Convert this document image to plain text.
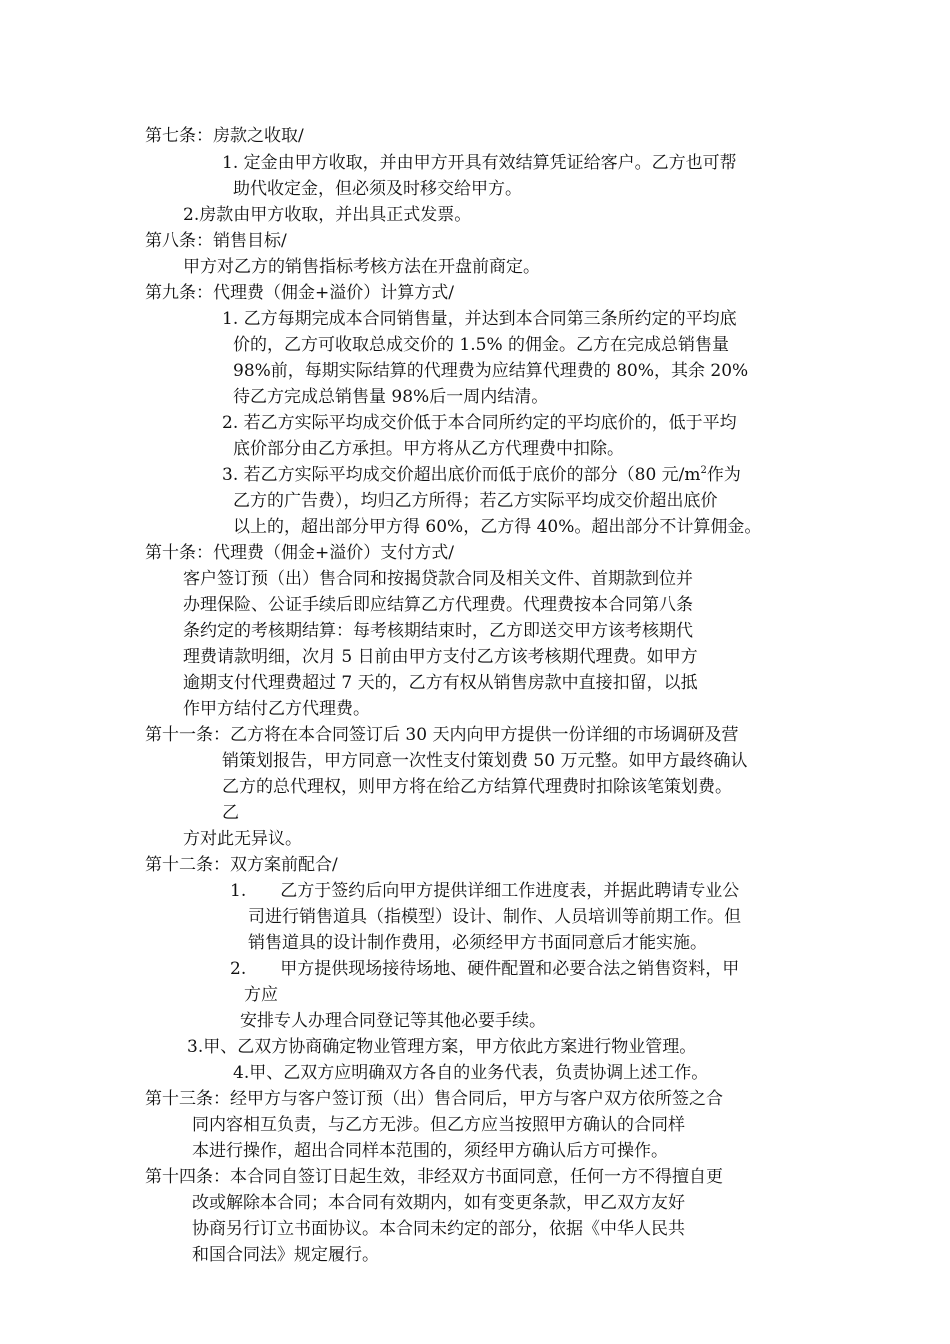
第七条：房款之收取/
1. 定金由甲方收取，并由甲方开具有效结算凭证给客户。乙方也可帮
助代收定金，但必须及时移交给甲方。
2.房款由甲方收取，并出具正式发票。
第八条：销售目标/
甲方对乙方的销售指标考核方法在开盘前商定。
第九条：代理费（佣金+溢价）计算方式/
1. 乙方每期完成本合同销售量，并达到本合同第三条所约定的平均底
价的，乙方可收取总成交价的 1.5% 的佣金。乙方在完成总销售量
98%前，每期实际结算的代理费为应结算代理费的 80%，其余 20%
待乙方完成总销售量 98%后一周内结清。
2. 若乙方实际平均成交价低于本合同所约定的平均底价的，低于平均
底价部分由乙方承担。甲方将从乙方代理费中扣除。
3. 若乙方实际平均成交价超出底价而低于底价的部分（80 元$/m^2$作为
乙方的广告费），均归乙方所得；若乙方实际平均成交价超出底价
以上的，超出部分甲方得 60%，乙方得 40%。超出部分不计算佣金。
第十条：代理费（佣金+溢价）支付方式/
客户签订预（出）售合同和按揭贷款合同及相关文件、首期款到位并
办理保险、公证手续后即应结算乙方代理费。代理费按本合同第八条
条约定的考核期结算：每考核期结束时，乙方即送交甲方该考核期代
理费请款明细，次月 5 日前由甲方支付乙方该考核期代理费。如甲方
逾期支付代理费超过 7 天的，乙方有权从销售房款中直接扣留，以抵
作甲方结付乙方代理费。
第十一条：乙方将在本合同签订后 30 天内向甲方提供一份详细的市场调研及营
销策划报告，甲方同意一次性支付策划费 50 万元整。如甲方最终确认
乙方的总代理权，则甲方将在给乙方结算代理费时扣除该笔策划费。
乙
方对此无异议。
第十二条：双方案前配合/
1.　　乙方于签约后向甲方提供详细工作进度表，并据此聘请专业公
司进行销售道具（指模型）设计、制作、人员培训等前期工作。但
销售道具的设计制作费用，必须经甲方书面同意后才能实施。
2.　　甲方提供现场接待场地、硬件配置和必要合法之销售资料，甲
方应
安排专人办理合同登记等其他必要手续。
3.甲、乙双方协商确定物业管理方案，甲方依此方案进行物业管理。
4.甲、乙双方应明确双方各自的业务代表，负责协调上述工作。
第十三条：经甲方与客户签订预（出）售合同后，甲方与客户双方依所签之合
同内容相互负责，与乙方无涉。但乙方应当按照甲方确认的合同样
本进行操作，超出合同样本范围的，须经甲方确认后方可操作。
第十四条：本合同自签订日起生效，非经双方书面同意，任何一方不得擅自更
改或解除本合同；本合同有效期内，如有变更条款，甲乙双方友好
协商另行订立书面协议。本合同未约定的部分，依据《中华人民共
和国合同法》规定履行。
